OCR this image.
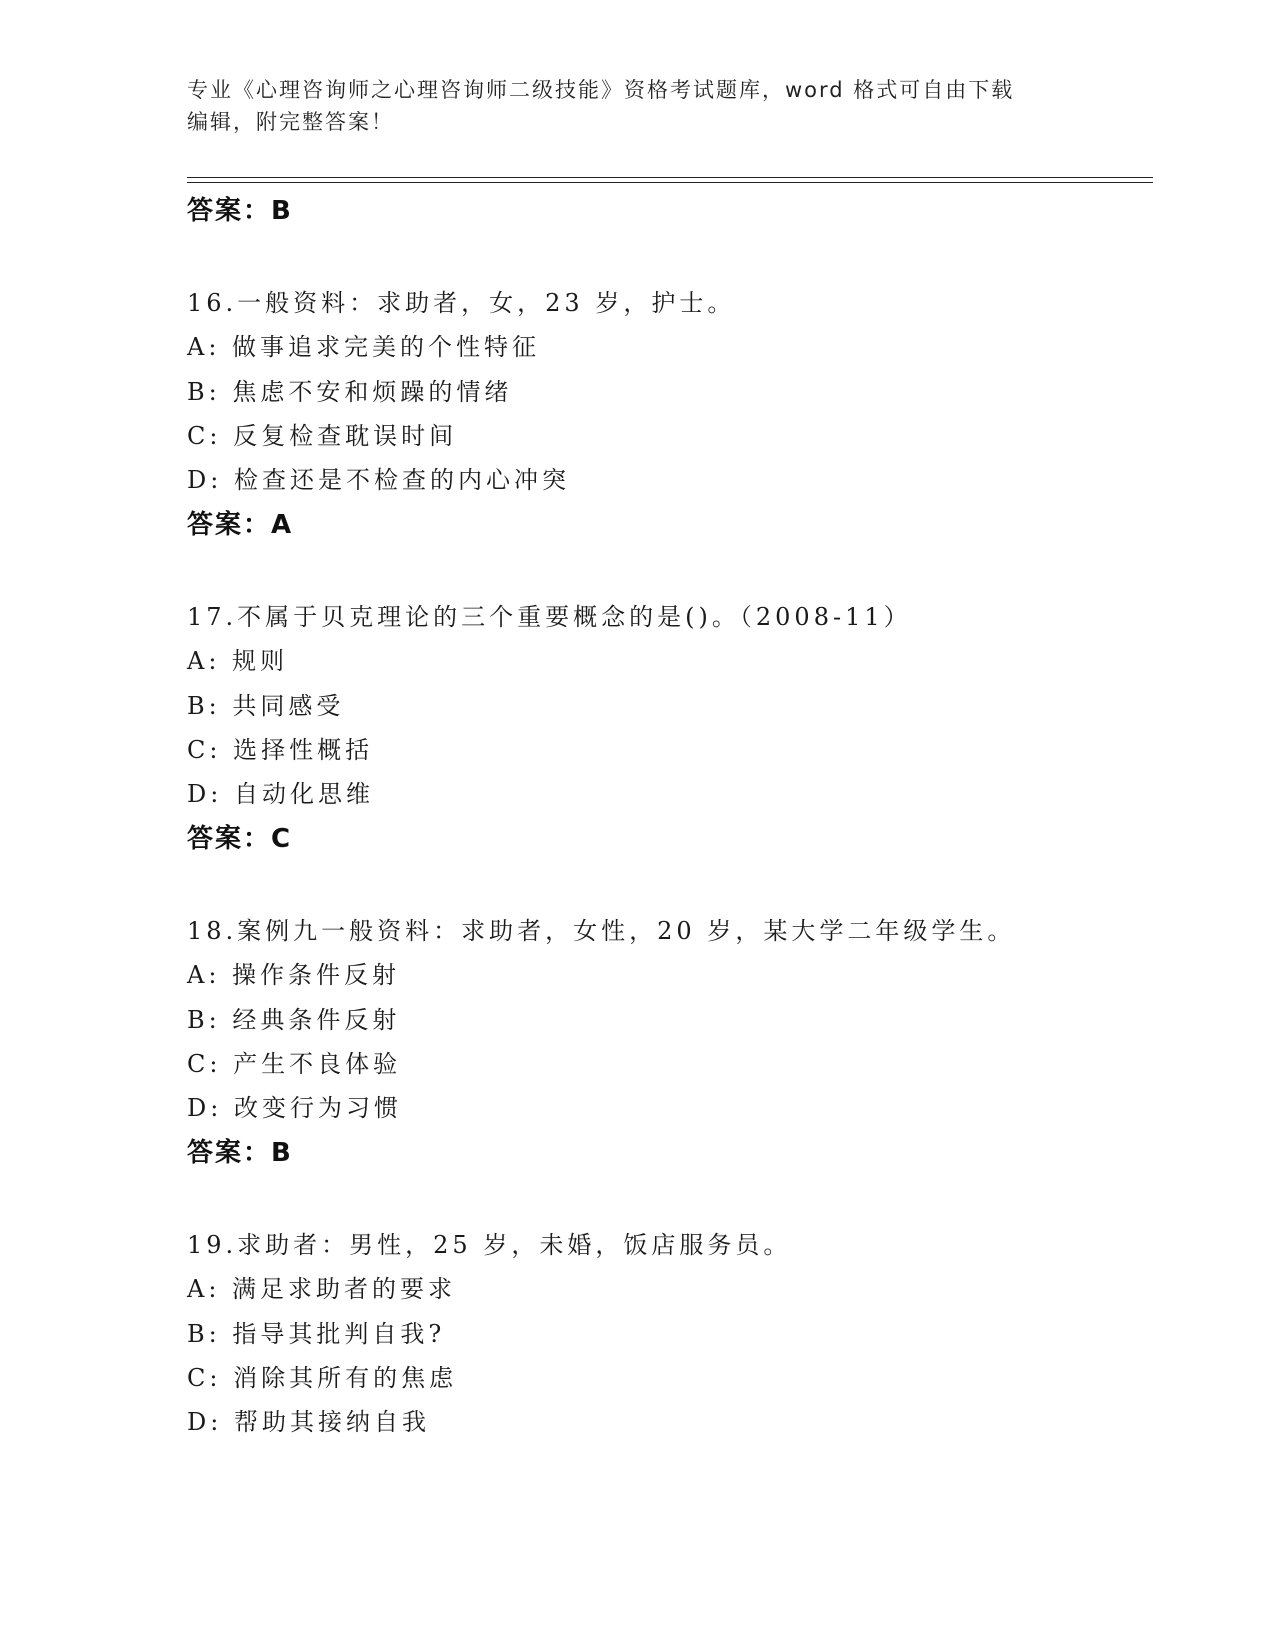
专业《心理咨询师之心理咨询师二级技能》资格考试题库，word 格式可自由下载
编辑，附完整答案！
答案：B
16.一般资料：求助者，女，23 岁，护士。
A: 做事追求完美的个性特征
B: 焦虑不安和烦躁的情绪
C: 反复检查耽误时间
D: 检查还是不检查的内心冲突
答案：A
17.不属于贝克理论的三个重要概念的是()。（2008-11）
A: 规则
B: 共同感受
C: 选择性概括
D: 自动化思维
答案：C
18.案例九一般资料：求助者，女性，20 岁，某大学二年级学生。
A: 操作条件反射
B: 经典条件反射
C: 产生不良体验
D: 改变行为习惯
答案：B
19.求助者：男性，25 岁，未婚，饭店服务员。
A: 满足求助者的要求
B: 指导其批判自我?
C: 消除其所有的焦虑
D: 帮助其接纳自我
